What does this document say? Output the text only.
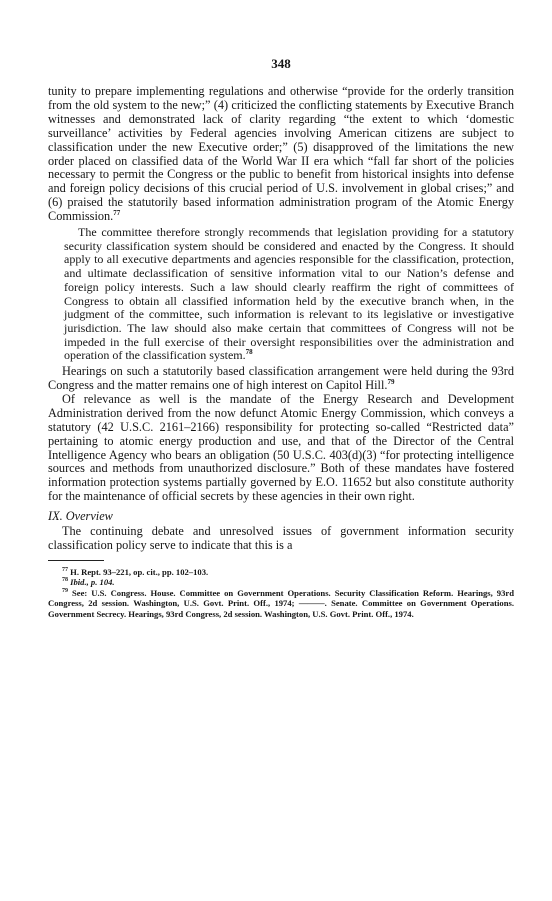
348

tunity to prepare implementing regulations and otherwise “provide for the orderly transition from the old system to the new;” (4) criticized the conflicting statements by Executive Branch witnesses and demonstrated lack of clarity regarding “the extent to which ‘domestic surveillance’ activities by Federal agencies involving American citizens are subject to classification under the new Executive order;” (5) disapproved of the limitations the new order placed on classified data of the World War II era which “fall far short of the policies necessary to permit the Congress or the public to benefit from historical insights into defense and foreign policy decisions of this crucial period of U.S. involvement in global crises;” and (6) praised the statutorily based information administration program of the Atomic Energy Commission.$^{77}$

The committee therefore strongly recommends that legislation providing for a statutory security classification system should be considered and enacted by the Congress. It should apply to all executive departments and agencies responsible for the classification, protection, and ultimate declassification of sensitive information vital to our Nation’s defense and foreign policy interests. Such a law should clearly reaffirm the right of committees of Congress to obtain all classified information held by the executive branch when, in the judgment of the committee, such information is relevant to its legislative or investigative jurisdiction. The law should also make certain that committees of Congress will not be impeded in the full exercise of their oversight responsibilities over the administration and operation of the classification system.$^{78}$

Hearings on such a statutorily based classification arrangement were held during the 93rd Congress and the matter remains one of high interest on Capitol Hill.$^{79}$

Of relevance as well is the mandate of the Energy Research and Development Administration derived from the now defunct Atomic Energy Commission, which conveys a statutory (42 U.S.C. 2161–2166) responsibility for protecting so-called “Restricted data” pertaining to atomic energy production and use, and that of the Director of the Central Intelligence Agency who bears an obligation (50 U.S.C. 403(d)(3) “for protecting intelligence sources and methods from unauthorized disclosure.” Both of these mandates have fostered information protection systems partially governed by E.O. 11652 but also constitute authority for the maintenance of official secrets by these agencies in their own right.

IX. Overview

The continuing debate and unresolved issues of government information security classification policy serve to indicate that this is a

$^{77}$ H. Rept. 93–221, op. cit., pp. 102–103.

$^{78}$ Ibid., p. 104.

$^{79}$ See: U.S. Congress. House. Committee on Government Operations. Security Classification Reform. Hearings, 93rd Congress, 2d session. Washington, U.S. Govt. Print. Off., 1974; ———. Senate. Committee on Government Operations. Government Secrecy. Hearings, 93rd Congress, 2d session. Washington, U.S. Govt. Print. Off., 1974.
